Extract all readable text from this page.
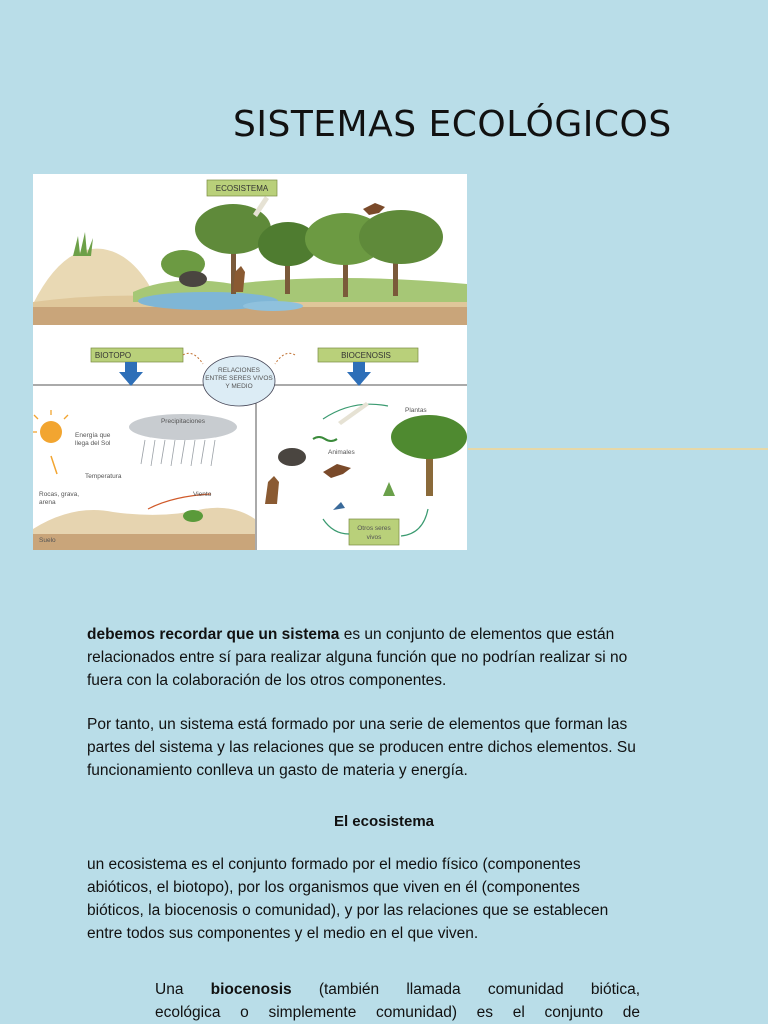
SISTEMAS ECOLÓGICOS
ECOSISTEMA
BIOTOPO	BIOCENOSIS
RELACIONES
ENTRE SERES VIVOS
Y MEDIO
Energía que
llega del Sol
Precipitaciones
Temperatura
Rocas, grava,
arena
Viento
Suelo
Plantas
Animales
Otros seres
vivos
debemos recordar que un sistema es un conjunto de elementos que están
relacionados entre sí para realizar alguna función que no podrían realizar si no
fuera con la colaboración de los otros componentes.
Por tanto, un sistema está formado por una serie de elementos que forman las
partes del sistema y las relaciones que se producen entre dichos elementos. Su
funcionamiento conlleva un gasto de materia y energía.
El ecosistema
un ecosistema es el conjunto formado por el medio físico (componentes
abióticos, el biotopo), por los organismos que viven en él (componentes
bióticos, la biocenosis o comunidad), y por las relaciones que se establecen
entre todos sus componentes y el medio en el que viven.
Una biocenosis (también llamada comunidad biótica,
ecológica o simplemente comunidad) es el conjunto de
